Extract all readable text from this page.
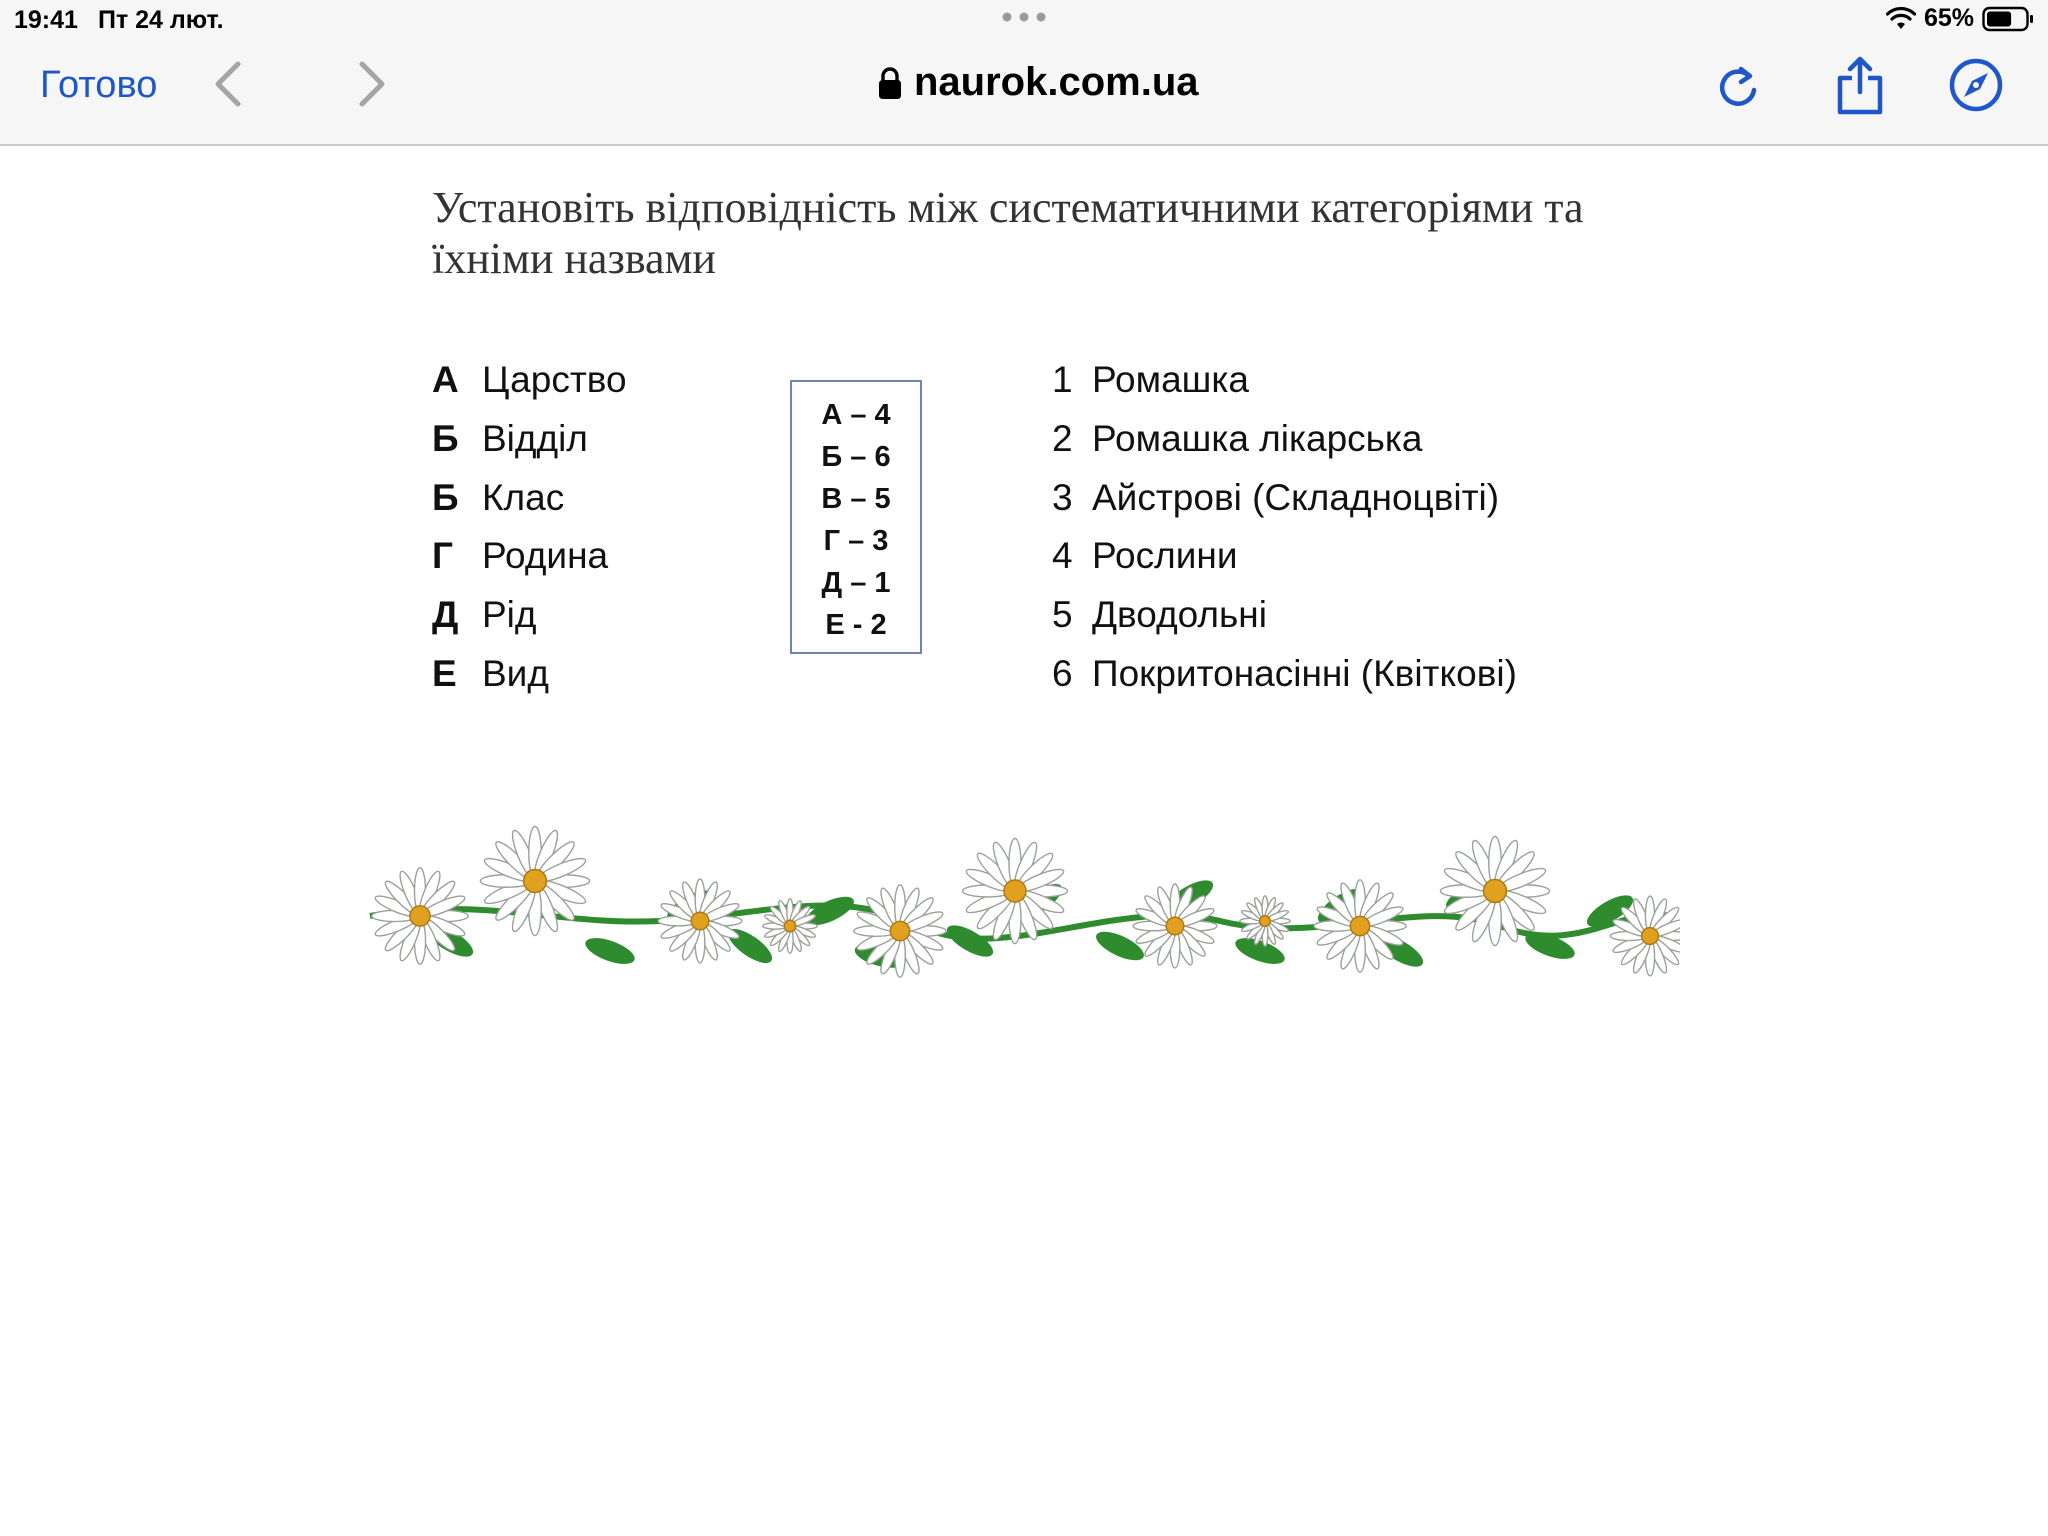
19:41 Пт 24 лют.	65%
Готово	naurok.com.ua
Установіть відповідність між систематичними категоріями та їхніми назвами
А Царство
Б Відділ
Б Клас
Г Родина
Д Рід
Е Вид
А – 4
Б – 6
В – 5
Г – 3
Д – 1
Е - 2
1 Ромашка
2 Ромашка лікарська
3 Айстрові (Складноцвіті)
4 Рослини
5 Дводольні
6 Покритонасінні (Квіткові)
